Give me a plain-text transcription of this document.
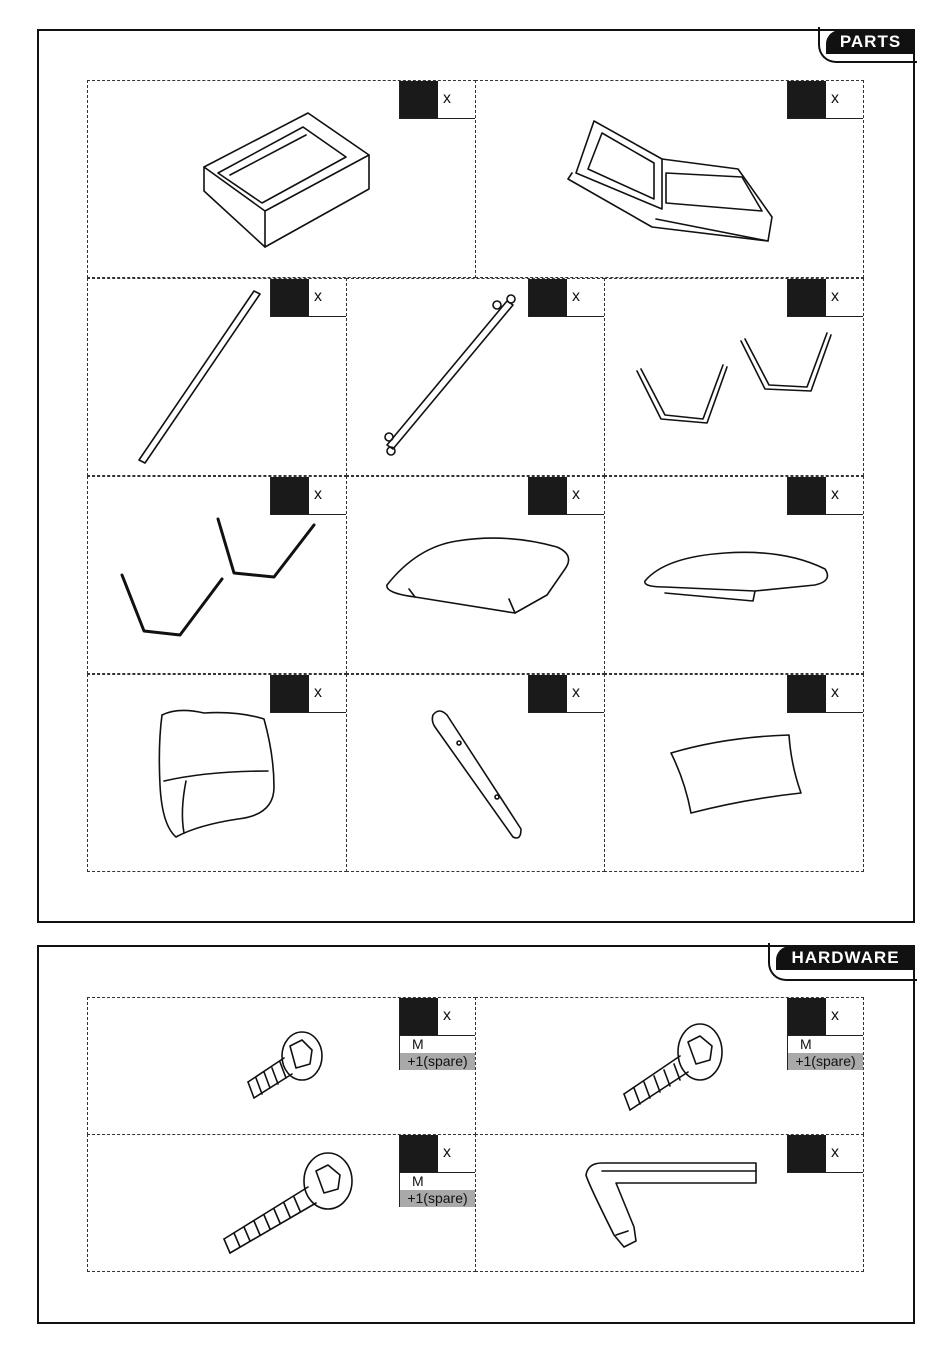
PARTS
x	x
x	x	x
x	x	x
x	x	x
HARDWARE
x
M
+1(spare)
x
M
+1(spare)
x
M
+1(spare)
x
